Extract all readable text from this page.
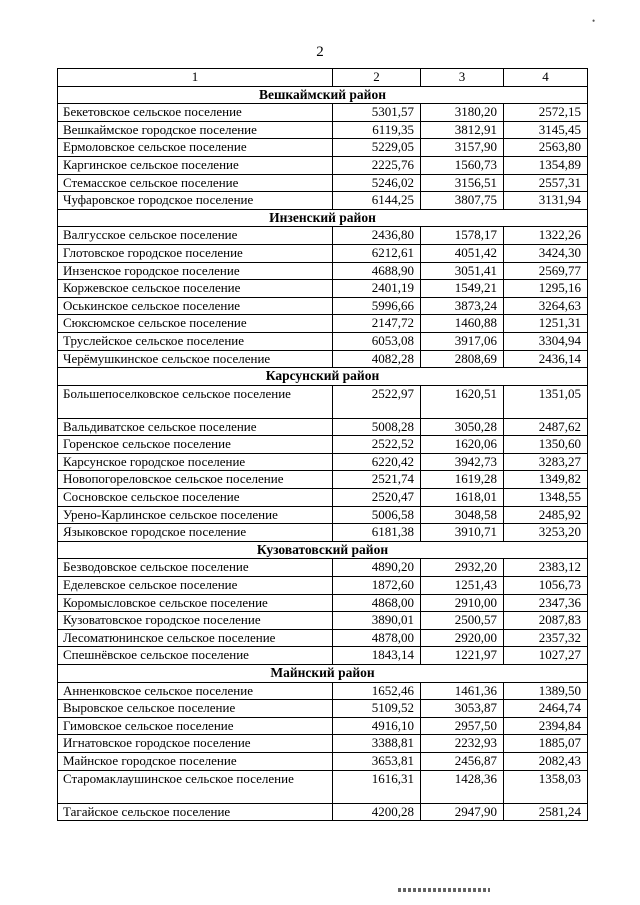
2
1	2	3	4
Вешкаймский район			
Бекетовское сельское поселение	5301,57	3180,20	2572,15
Вешкаймское городское поселение	6119,35	3812,91	3145,45
Ермоловское сельское поселение	5229,05	3157,90	2563,80
Каргинское сельское поселение	2225,76	1560,73	1354,89
Стемасское сельское поселение	5246,02	3156,51	2557,31
Чуфаровское городское поселение	6144,25	3807,75	3131,94
Инзенский район			
Валгусское сельское поселение	2436,80	1578,17	1322,26
Глотовское городское поселение	6212,61	4051,42	3424,30
Инзенское городское поселение	4688,90	3051,41	2569,77
Коржевское сельское поселение	2401,19	1549,21	1295,16
Оськинское сельское поселение	5996,66	3873,24	3264,63
Сюксюмское сельское поселение	2147,72	1460,88	1251,31
Труслейское сельское поселение	6053,08	3917,06	3304,94
Черёмушкинское сельское поселение	4082,28	2808,69	2436,14
Карсунский район			
Большепоселковское сельское поселение	2522,97	1620,51	1351,05
Вальдиватское сельское поселение	5008,28	3050,28	2487,62
Горенское сельское поселение	2522,52	1620,06	1350,60
Карсунское городское поселение	6220,42	3942,73	3283,27
Новопогореловское сельское поселение	2521,74	1619,28	1349,82
Сосновское сельское поселение	2520,47	1618,01	1348,55
Урено-Карлинское сельское поселение	5006,58	3048,58	2485,92
Языковское городское поселение	6181,38	3910,71	3253,20
Кузоватовский район			
Безводовское сельское поселение	4890,20	2932,20	2383,12
Еделевское сельское поселение	1872,60	1251,43	1056,73
Коромысловское сельское поселение	4868,00	2910,00	2347,36
Кузоватовское городское поселение	3890,01	2500,57	2087,83
Лесоматюнинское сельское поселение	4878,00	2920,00	2357,32
Спешнёвское сельское поселение	1843,14	1221,97	1027,27
Майнский район			
Анненковское сельское поселение	1652,46	1461,36	1389,50
Выровское сельское поселение	5109,52	3053,87	2464,74
Гимовское сельское поселение	4916,10	2957,50	2394,84
Игнатовское городское поселение	3388,81	2232,93	1885,07
Майнское городское поселение	3653,81	2456,87	2082,43
Старомаклаушинское сельское поселение	1616,31	1428,36	1358,03
Тагайское сельское поселение	4200,28	2947,90	2581,24
•
